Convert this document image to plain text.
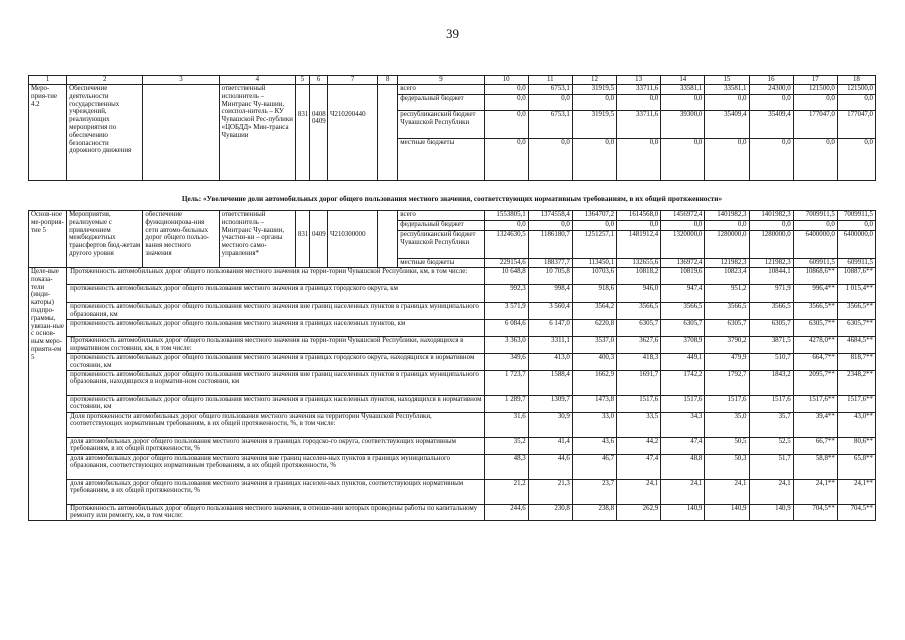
39
1	2	3	4	5	6	7	8	9	10	11	12	13	14	15	16	17	18
Меро-прия-тие 4.2	Обеспечение деятельности государственных учреждений, реализующих мероприятия по обеспечению безопасности дорожного движения		ответственный исполнитель – Минтранс Чу-вашии, соиспол-нитель – КУ Чувашской Рес-публики «ЦОБДД» Мин-транса Чувашии					всего	0,0	6753,1	31919,5	33711,6	33581,1	33581,1	24300,0	121500,0	121500,0
								федеральный бюджет	0,0	0,0	0,0	0,0	0,0	0,0	0,0	0,0	0,0
				831	0408 0409	Ч210200440		республиканский бюджет Чувашской Республики	0,0	6753,1	31919,5	33711,6	39300,0	35409,4	35409,4	177047,0	177047,0
								местные бюджеты	0,0	0,0	0,0	0,0	0,0	0,0	0,0	0,0	0,0
Цель: «Увеличение доли автомобильных дорог общего пользования местного значения, соответствующих нормативным требованиям, в их общей протяженности»
Основ-ное ме-роприя-тие 5	Мероприятия, реализуемые с привлечением межбюджетных трансфертов бюд-жетам другого уровня	обеспечение функционирова-ния сети автомо-бильных дорог общего пользо-вания местного значения	ответственный исполнитель – Минтранс Чу-вашии, участни-ки – органы местного само-управления*					всего	1553805,1	1374558,4	1364707,2	1614568,0	1456972,4	1401982,3	1401982,3	7009911,5	7009911,5
								федеральный бюджет	0,0	0,0	0,0	0,0	0,0	0,0	0,0	0,0	0,0
				831	0409	Ч210300000		республиканский бюджет Чувашской Республики	1324630,5	1186180,7	1251257,1	1481912,4	1320000,0	1280000,0	1280000,0	6400000,0	6400000,0
								местные бюджеты	229154,6	188377,7	113450,1	132655,6	136972,4	121982,3	121982,3	609911,5	609911,5
Целе-вые показа-тели (инди-каторы) подпро-граммы, увязан-ные с основ-ным меро-прияти-ем 5	Протяженность автомобильных дорог общего пользования местного значения на терри-тории Чувашской Республики, км, в том числе:								10 648,8	10 705,8	10703,6	10818,2	10819,6	10823,4	10844,1	10868,6**	10887,6**
	протяженность автомобильных дорог общего пользования местного значения в границах городского округа, км								992,3	998,4	918,6	946,0	947,4	951,2	971,9	996,4**	1 015,4**
	протяженность автомобильных дорог общего пользования местного значения вне границ населенных пунктов в границах муниципального образования, км								3 571,9	3 560,4	3564,2	3566,5	3566,5	3566,5	3566,5	3566,5**	3566,5**
	протяженность автомобильных дорог общего пользования местного значения в границах населенных пунктов, км								6 084,6	6 147,0	6220,8	6305,7	6305,7	6305,7	6305,7	6305,7**	6305,7**
	Протяженность автомобильных дорог общего пользования местного значения на терри-тории Чувашской Республики, находящихся в нормативном состоянии, км, в том числе:								3 363,0	3311,1	3537,0	3627,6	3708,9	3790,2	3871,5	4278,0**	4684,5**
	протяженность автомобильных дорог общего пользования местного значения в границах городского округа, находящихся в нормативном состоянии, км								349,6	413,0	400,3	418,3	449,1	479,9	510,7	664,7**	818,7**
	протяженность автомобильных дорог общего пользования местного значения вне границ населенных пунктов в границах муниципального образования, находящихся в норматив-ном состоянии, км								1 723,7	1588,4	1662,9	1691,7	1742,2	1792,7	1843,2	2095,7**	2348,2**
	протяженность автомобильных дорог общего пользования местного значения в границах населенных пунктов, находящихся в нормативном состоянии, км								1 289,7	1309,7	1473,8	1517,6	1517,6	1517,6	1517,6	1517,6**	1517,6**
	Доля протяженности автомобильных дорог общего пользования местного значения на территории Чувашской Республики, соответствующих нормативным требованиям, в их общей протяженности, %, в том числе:								31,6	30,9	33,0	33,5	34,3	35,0	35,7	39,4**	43,0**
	доля автомобильных дорог общего пользования местного значения в границах городско-го округа, соответствующих нормативным требованиям, в их общей протяженности, %								35,2	41,4	43,6	44,2	47,4	50,5	52,5	66,7**	80,6**
	доля автомобильных дорог общего пользования местного значения вне границ населен-ных пунктов в границах муниципального образования, соответствующих нормативным требованиям, в их общей протяженности, %								48,3	44,6	46,7	47,4	48,8	50,3	51,7	58,8**	65,8**
	доля автомобильных дорог общего пользования местного значения в границах населен-ных пунктов, соответствующих нормативным требованиям, в их общей протяженности, %								21,2	21,3	23,7	24,1	24,1	24,1	24,1	24,1**	24,1**
	Протяженность автомобильных дорог общего пользования местного значения, в отноше-нии которых проведены работы по капитальному ремонту или ремонту, км, в том числе:								244,6	230,8	238,8	262,9	140,9	140,9	140,9	704,5**	704,5**
